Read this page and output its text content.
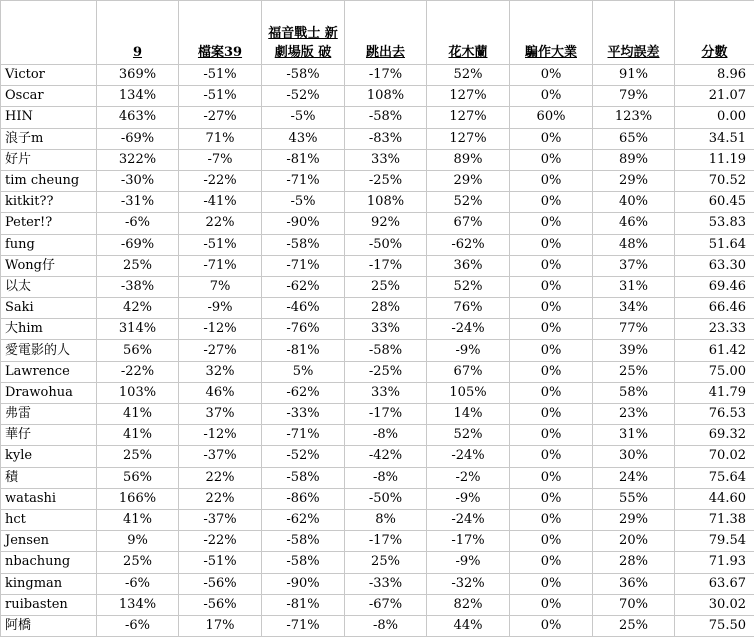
	9	檔案39	福音戰士 新劇場版 破	跳出去	花木蘭	騙作大業	平均誤差	分數
Victor	369%	-51%	-58%	-17%	52%	0%	91%	8.96
Oscar	134%	-51%	-52%	108%	127%	0%	79%	21.07
HIN	463%	-27%	-5%	-58%	127%	60%	123%	0.00
浪子m	-69%	71%	43%	-83%	127%	0%	65%	34.51
好片	322%	-7%	-81%	33%	89%	0%	89%	11.19
tim cheung	-30%	-22%	-71%	-25%	29%	0%	29%	70.52
kitkit??	-31%	-41%	-5%	108%	52%	0%	40%	60.45
Peter!?	-6%	22%	-90%	92%	67%	0%	46%	53.83
fung	-69%	-51%	-58%	-50%	-62%	0%	48%	51.64
Wong仔	25%	-71%	-71%	-17%	36%	0%	37%	63.30
以太	-38%	7%	-62%	25%	52%	0%	31%	69.46
Saki	42%	-9%	-46%	28%	76%	0%	34%	66.46
大him	314%	-12%	-76%	33%	-24%	0%	77%	23.33
愛電影的人	56%	-27%	-81%	-58%	-9%	0%	39%	61.42
Lawrence	-22%	32%	5%	-25%	67%	0%	25%	75.00
Drawohua	103%	46%	-62%	33%	105%	0%	58%	41.79
弗雷	41%	37%	-33%	-17%	14%	0%	23%	76.53
華仔	41%	-12%	-71%	-8%	52%	0%	31%	69.32
kyle	25%	-37%	-52%	-42%	-24%	0%	30%	70.02
積	56%	22%	-58%	-8%	-2%	0%	24%	75.64
watashi	166%	22%	-86%	-50%	-9%	0%	55%	44.60
hct	41%	-37%	-62%	8%	-24%	0%	29%	71.38
Jensen	9%	-22%	-58%	-17%	-17%	0%	20%	79.54
nbachung	25%	-51%	-58%	25%	-9%	0%	28%	71.93
kingman	-6%	-56%	-90%	-33%	-32%	0%	36%	63.67
ruibasten	134%	-56%	-81%	-67%	82%	0%	70%	30.02
阿橋	-6%	17%	-71%	-8%	44%	0%	25%	75.50
